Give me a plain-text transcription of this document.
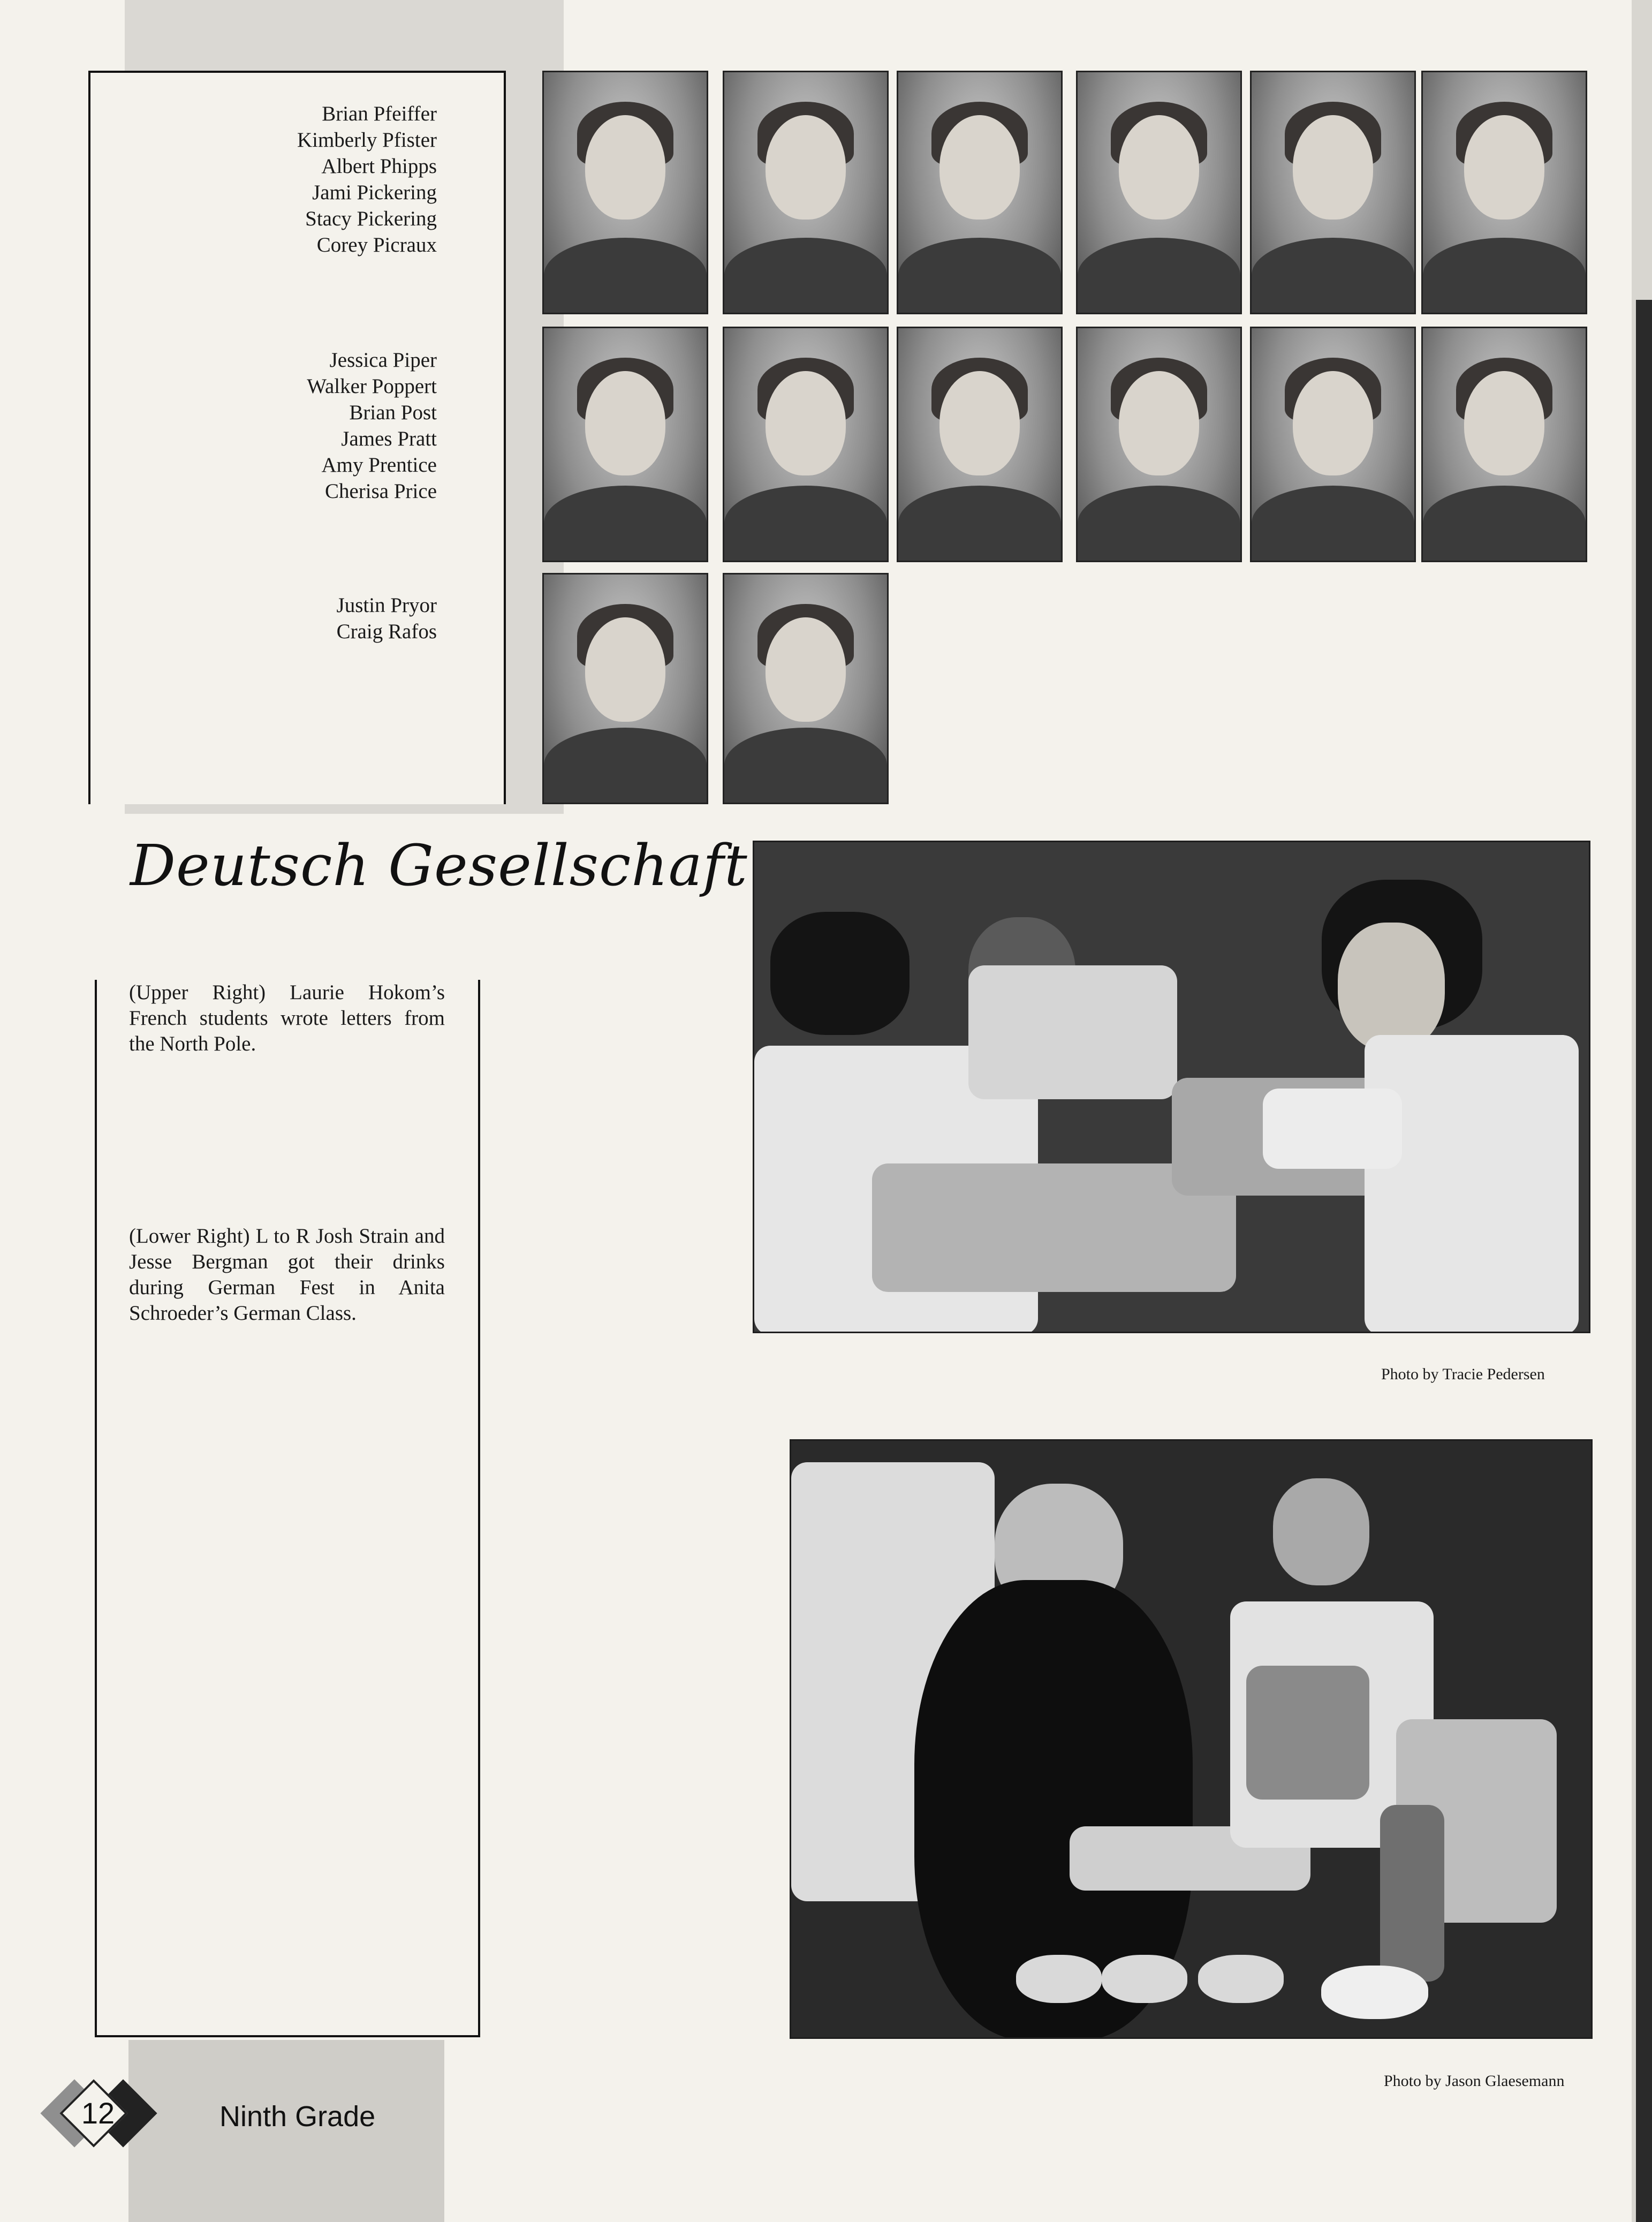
Brian Pfeiffer
Kimberly Pfister
Albert Phipps
Jami Pickering
Stacy Pickering
Corey Picraux
Jessica Piper
Walker Poppert
Brian Post
James Pratt
Amy Prentice
Cherisa Price
Justin Pryor
Craig Rafos
Deutsch Gesellschaft
(Upper Right) Laurie Hokom’s French students wrote letters from the North Pole.
(Lower Right) L to R Josh Strain and Jesse Bergman got their drinks during German Fest in Anita Schroeder’s German Class.
Photo by Tracie Pedersen
Photo by Jason Glaesemann
12	Ninth Grade
